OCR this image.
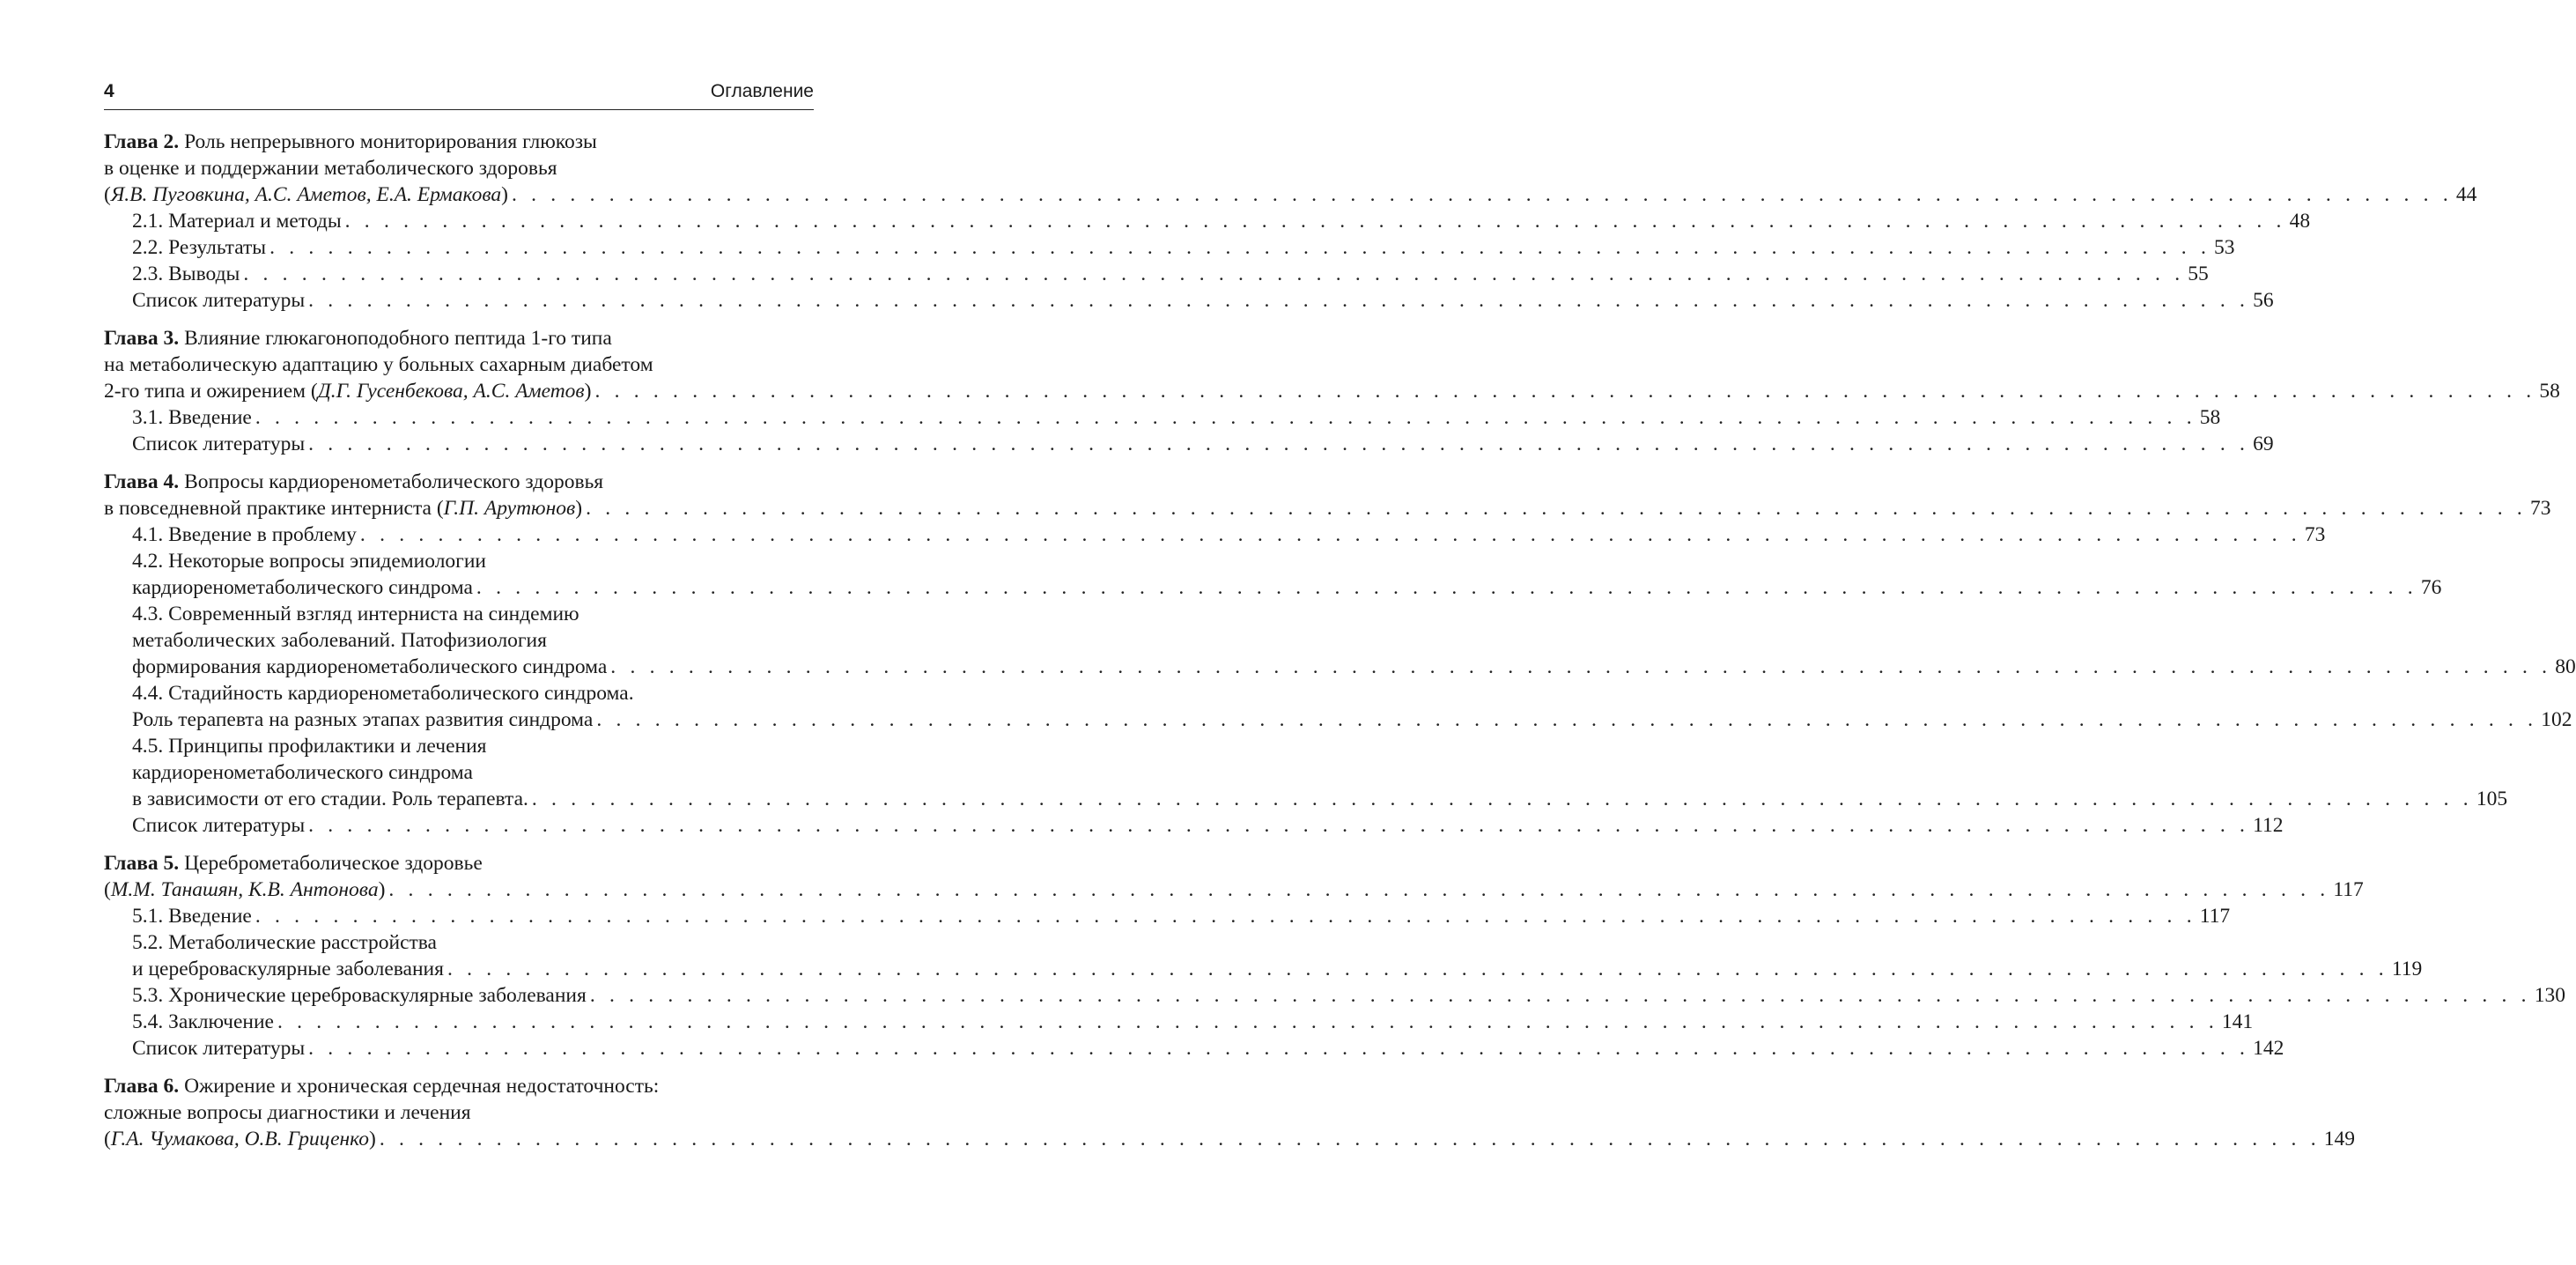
4	Оглавление
Глава 2. Роль непрерывного мониторирования глюкозы
в оценке и поддержании метаболического здоровья
(Я.В. Пуговкина, А.С. Аметов, Е.А. Ермакова) . . . . . . . . . . . . . . . . . . . . . . . . . . . . . . . . . . . . . . . . . . . . . . . . . . . . . . . . . . . . . . . . . . . . . . . . . . . . . . . . . . . . . . . . . . . . . . . . . . . . 44
2.1. Материал и методы . . . . . . . . . . . . . . . . . . . . . . . . . . . . . . . . . . . . . . . . . . . . . . . . . . . . . . . . . . . . . . . . . . . . . . . . . . . . . . . . . . . . . . . . . . . . . . . . . . . . 48
2.2. Результаты . . . . . . . . . . . . . . . . . . . . . . . . . . . . . . . . . . . . . . . . . . . . . . . . . . . . . . . . . . . . . . . . . . . . . . . . . . . . . . . . . . . . . . . . . . . . . . . . . . . . 53
2.3. Выводы . . . . . . . . . . . . . . . . . . . . . . . . . . . . . . . . . . . . . . . . . . . . . . . . . . . . . . . . . . . . . . . . . . . . . . . . . . . . . . . . . . . . . . . . . . . . . . . . . . . . 55
Список литературы . . . . . . . . . . . . . . . . . . . . . . . . . . . . . . . . . . . . . . . . . . . . . . . . . . . . . . . . . . . . . . . . . . . . . . . . . . . . . . . . . . . . . . . . . . . . . . . . . . . . 56
Глава 3. Влияние глюкагоноподобного пептида 1-го типа
на метаболическую адаптацию у больных сахарным диабетом
2-го типа и ожирением (Д.Г. Гусенбекова, А.С. Аметов) . . . . . . . . . . . . . . . . . . . . . . . . . . . . . . . . . . . . . . . . . . . . . . . . . . . . . . . . . . . . . . . . . . . . . . . . . . . . . . . . . . . . . . . . . . . . . . . . . . . . 58
3.1. Введение . . . . . . . . . . . . . . . . . . . . . . . . . . . . . . . . . . . . . . . . . . . . . . . . . . . . . . . . . . . . . . . . . . . . . . . . . . . . . . . . . . . . . . . . . . . . . . . . . . . . 58
Список литературы . . . . . . . . . . . . . . . . . . . . . . . . . . . . . . . . . . . . . . . . . . . . . . . . . . . . . . . . . . . . . . . . . . . . . . . . . . . . . . . . . . . . . . . . . . . . . . . . . . . . 69
Глава 4. Вопросы кардиоренометаболического здоровья
в повседневной практике интерниста (Г.П. Арутюнов) . . . . . . . . . . . . . . . . . . . . . . . . . . . . . . . . . . . . . . . . . . . . . . . . . . . . . . . . . . . . . . . . . . . . . . . . . . . . . . . . . . . . . . . . . . . . . . . . . . . . 73
4.1. Введение в проблему . . . . . . . . . . . . . . . . . . . . . . . . . . . . . . . . . . . . . . . . . . . . . . . . . . . . . . . . . . . . . . . . . . . . . . . . . . . . . . . . . . . . . . . . . . . . . . . . . . . . 73
4.2. Некоторые вопросы эпидемиологии
кардиоренометаболического синдрома . . . . . . . . . . . . . . . . . . . . . . . . . . . . . . . . . . . . . . . . . . . . . . . . . . . . . . . . . . . . . . . . . . . . . . . . . . . . . . . . . . . . . . . . . . . . . . . . . . . . 76
4.3. Современный взгляд интерниста на синдемию
метаболических заболеваний. Патофизиология
формирования кардиоренометаболического синдрома . . . . . . . . . . . . . . . . . . . . . . . . . . . . . . . . . . . . . . . . . . . . . . . . . . . . . . . . . . . . . . . . . . . . . . . . . . . . . . . . . . . . . . . . . . . . . . . . . . . . 80
4.4. Стадийность кардиоренометаболического синдрома.
Роль терапевта на разных этапах развития синдрома . . . . . . . . . . . . . . . . . . . . . . . . . . . . . . . . . . . . . . . . . . . . . . . . . . . . . . . . . . . . . . . . . . . . . . . . . . . . . . . . . . . . . . . . . . . . . . . . . . . . 102
4.5. Принципы профилактики и лечения
кардиоренометаболического синдрома
в зависимости от его стадии. Роль терапевта. . . . . . . . . . . . . . . . . . . . . . . . . . . . . . . . . . . . . . . . . . . . . . . . . . . . . . . . . . . . . . . . . . . . . . . . . . . . . . . . . . . . . . . . . . . . . . . . . . . . . 105
Список литературы . . . . . . . . . . . . . . . . . . . . . . . . . . . . . . . . . . . . . . . . . . . . . . . . . . . . . . . . . . . . . . . . . . . . . . . . . . . . . . . . . . . . . . . . . . . . . . . . . . . . 112
Глава 5. Цереброметаболическое здоровье
(М.М. Танашян, К.В. Антонова) . . . . . . . . . . . . . . . . . . . . . . . . . . . . . . . . . . . . . . . . . . . . . . . . . . . . . . . . . . . . . . . . . . . . . . . . . . . . . . . . . . . . . . . . . . . . . . . . . . . . 117
5.1. Введение . . . . . . . . . . . . . . . . . . . . . . . . . . . . . . . . . . . . . . . . . . . . . . . . . . . . . . . . . . . . . . . . . . . . . . . . . . . . . . . . . . . . . . . . . . . . . . . . . . . . 117
5.2. Метаболические расстройства
и цереброваскулярные заболевания . . . . . . . . . . . . . . . . . . . . . . . . . . . . . . . . . . . . . . . . . . . . . . . . . . . . . . . . . . . . . . . . . . . . . . . . . . . . . . . . . . . . . . . . . . . . . . . . . . . . 119
5.3. Хронические цереброваскулярные заболевания . . . . . . . . . . . . . . . . . . . . . . . . . . . . . . . . . . . . . . . . . . . . . . . . . . . . . . . . . . . . . . . . . . . . . . . . . . . . . . . . . . . . . . . . . . . . . . . . . . . . 130
5.4. Заключение . . . . . . . . . . . . . . . . . . . . . . . . . . . . . . . . . . . . . . . . . . . . . . . . . . . . . . . . . . . . . . . . . . . . . . . . . . . . . . . . . . . . . . . . . . . . . . . . . . . . 141
Список литературы . . . . . . . . . . . . . . . . . . . . . . . . . . . . . . . . . . . . . . . . . . . . . . . . . . . . . . . . . . . . . . . . . . . . . . . . . . . . . . . . . . . . . . . . . . . . . . . . . . . . 142
Глава 6. Ожирение и хроническая сердечная недостаточность:
сложные вопросы диагностики и лечения
(Г.А. Чумакова, О.В. Гриценко) . . . . . . . . . . . . . . . . . . . . . . . . . . . . . . . . . . . . . . . . . . . . . . . . . . . . . . . . . . . . . . . . . . . . . . . . . . . . . . . . . . . . . . . . . . . . . . . . . . . . 149
